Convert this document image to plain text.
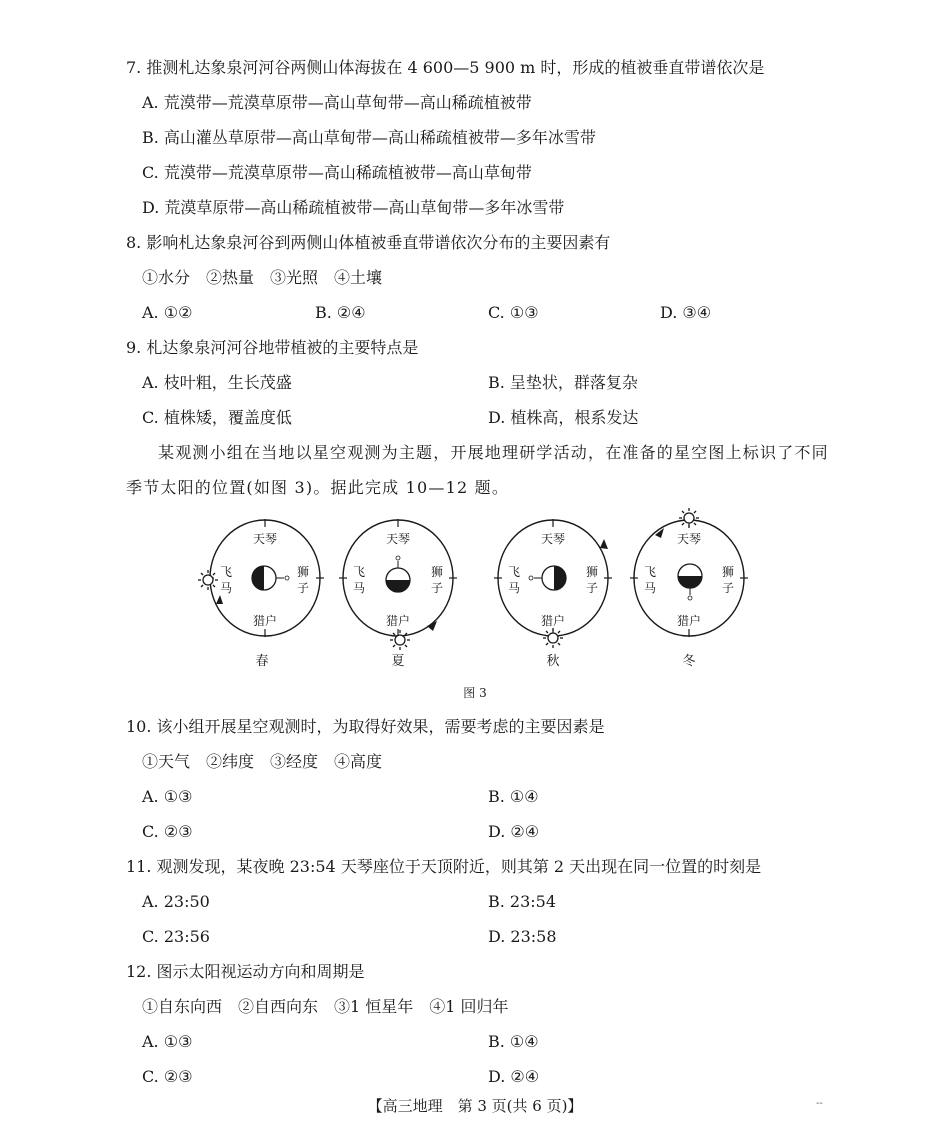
7. 推测札达象泉河河谷两侧山体海拔在 4 600—5 900 m 时，形成的植被垂直带谱依次是
A. 荒漠带—荒漠草原带—高山草甸带—高山稀疏植被带
B. 高山灌丛草原带—高山草甸带—高山稀疏植被带—多年冰雪带
C. 荒漠带—荒漠草原带—高山稀疏植被带—高山草甸带
D. 荒漠草原带—高山稀疏植被带—高山草甸带—多年冰雪带
8. 影响札达象泉河谷到两侧山体植被垂直带谱依次分布的主要因素有
①水分　②热量　③光照　④土壤
A. ①②	B. ②④	C. ①③	D. ③④
9. 札达象泉河河谷地带植被的主要特点是
A. 枝叶粗，生长茂盛	B. 呈垫状，群落复杂
C. 植株矮，覆盖度低	D. 植株高，根系发达
某观测小组在当地以星空观测为主题，开展地理研学活动，在准备的星空图上标识了不同
季节太阳的位置(如图 3)。据此完成 10—12 题。
天琴
猎户
飞
马
狮
子
春
天琴
猎户
飞
马
狮
子
夏
天琴
猎户
飞
马
狮
子
秋
天琴
猎户
飞
马
狮
子
冬
图 3
10. 该小组开展星空观测时，为取得好效果，需要考虑的主要因素是
①天气　②纬度　③经度　④高度
A. ①③	B. ①④
C. ②③	D. ②④
11. 观测发现，某夜晚 23:54 天琴座位于天顶附近，则其第 2 天出现在同一位置的时刻是
A. 23:50	B. 23:54
C. 23:56	D. 23:58
12. 图示太阳视运动方向和周期是
①自东向西　②自西向东　③1 恒星年　④1 回归年
A. ①③	B. ①④
C. ②③	D. ②④
【高三地理　第 3 页(共 6 页)】	--
